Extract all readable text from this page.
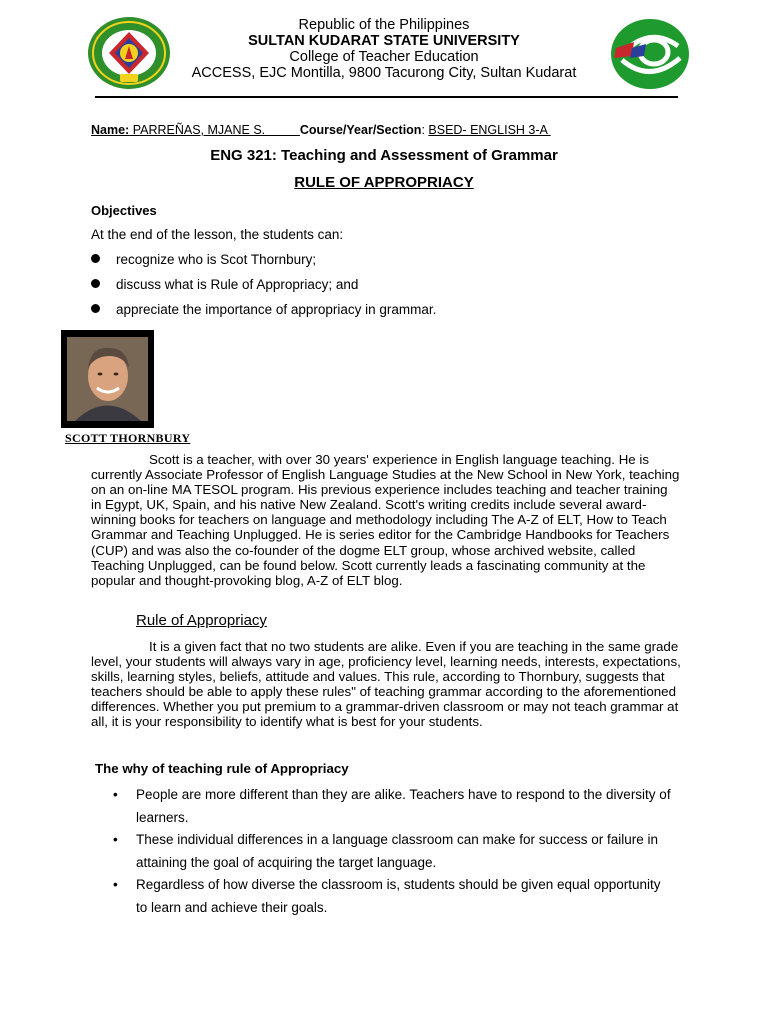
Republic of the Philippines
SULTAN KUDARAT STATE UNIVERSITY
College of Teacher Education
ACCESS, EJC Montilla, 9800 Tacurong City, Sultan Kudarat
Name: PARREÑAS, MJANE S.          Course/Year/Section: BSED- ENGLISH 3-A
ENG 321: Teaching and Assessment of Grammar
RULE OF APPROPRIACY
Objectives
At the end of the lesson, the students can:
recognize who is Scot Thornbury;
discuss what is Rule of Appropriacy; and
appreciate the importance of appropriacy in grammar.
SCOTT THORNBURY
Scott is a teacher, with over 30 years' experience in English language teaching. He is currently Associate Professor of English Language Studies at the New School in New York, teaching on an on-line MA TESOL program. His previous experience includes teaching and teacher training in Egypt, UK, Spain, and his native New Zealand. Scott's writing credits include several award-winning books for teachers on language and methodology including The A-Z of ELT, How to Teach Grammar and Teaching Unplugged. He is series editor for the Cambridge Handbooks for Teachers (CUP) and was also the co-founder of the dogme ELT group, whose archived website, called Teaching Unplugged, can be found below. Scott currently leads a fascinating community at the popular and thought-provoking blog, A-Z of ELT blog.
Rule of Appropriacy
It is a given fact that no two students are alike. Even if you are teaching in the same grade level, your students will always vary in age, proficiency level, learning needs, interests, expectations, skills, learning styles, beliefs, attitude and values. This rule, according to Thornbury, suggests that teachers should be able to apply these rules" of teaching grammar according to the aforementioned differences. Whether you put premium to a grammar-driven classroom or may not teach grammar at all, it is your responsibility to identify what is best for your students.
The why of teaching rule of Appropriacy
• People are more different than they are alike. Teachers have to respond to the diversity of learners.
• These individual differences in a language classroom can make for success or failure in attaining the goal of acquiring the target language.
• Regardless of how diverse the classroom is, students should be given equal opportunity to learn and achieve their goals.
